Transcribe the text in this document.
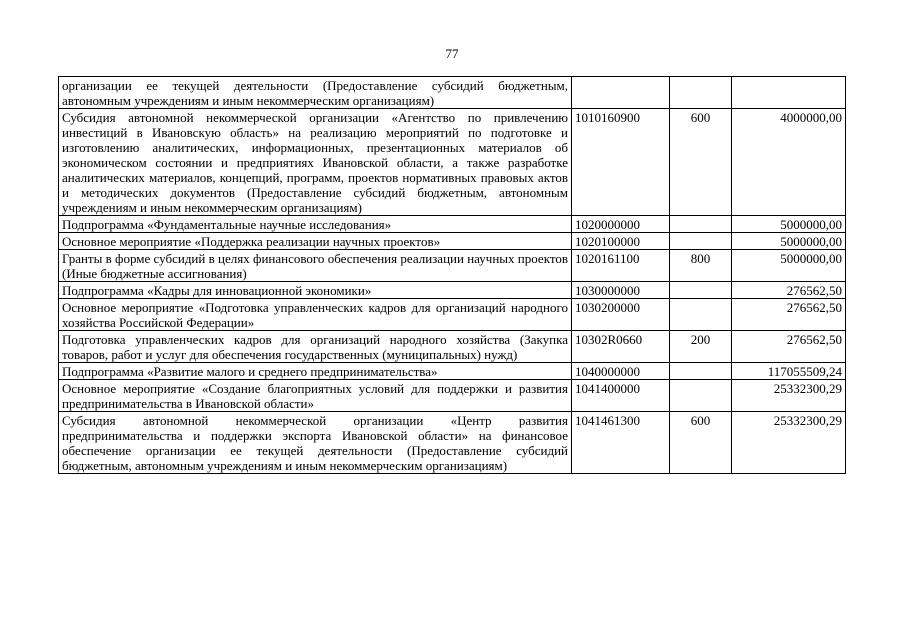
77
организации ее текущей деятельности (Предоставление субсидий бюджетным, автономным учреждениям и иным некоммерческим организациям)			
Субсидия автономной некоммерческой организации «Агентство по привлечению инвестиций в Ивановскую область» на реализацию мероприятий по подготовке и изготовлению аналитических, информационных, презентационных материалов об экономическом состоянии и предприятиях Ивановской области, а также разработке аналитических материалов, концепций, программ, проектов нормативных правовых актов и методических документов (Предоставление субсидий бюджетным, автономным учреждениям и иным некоммерческим организациям)	1010160900	600	4000000,00
Подпрограмма «Фундаментальные научные исследования»	1020000000		5000000,00
Основное мероприятие «Поддержка реализации научных проектов»	1020100000		5000000,00
Гранты в форме субсидий в целях финансового обеспечения реализации научных проектов (Иные бюджетные ассигнования)	1020161100	800	5000000,00
Подпрограмма «Кадры для инновационной экономики»	1030000000		276562,50
Основное мероприятие «Подготовка управленческих кадров для организаций народного хозяйства Российской Федерации»	1030200000		276562,50
Подготовка управленческих кадров для организаций народного хозяйства (Закупка товаров, работ и услуг для обеспечения государственных (муниципальных) нужд)	10302R0660	200	276562,50
Подпрограмма «Развитие малого и среднего предпринимательства»	1040000000		117055509,24
Основное мероприятие «Создание благоприятных условий для поддержки и развития предпринимательства в Ивановской области»	1041400000		25332300,29
Субсидия автономной некоммерческой организации «Центр развития предпринимательства и поддержки экспорта Ивановской области» на финансовое обеспечение организации ее текущей деятельности (Предоставление субсидий бюджетным, автономным учреждениям и иным некоммерческим организациям)	1041461300	600	25332300,29
